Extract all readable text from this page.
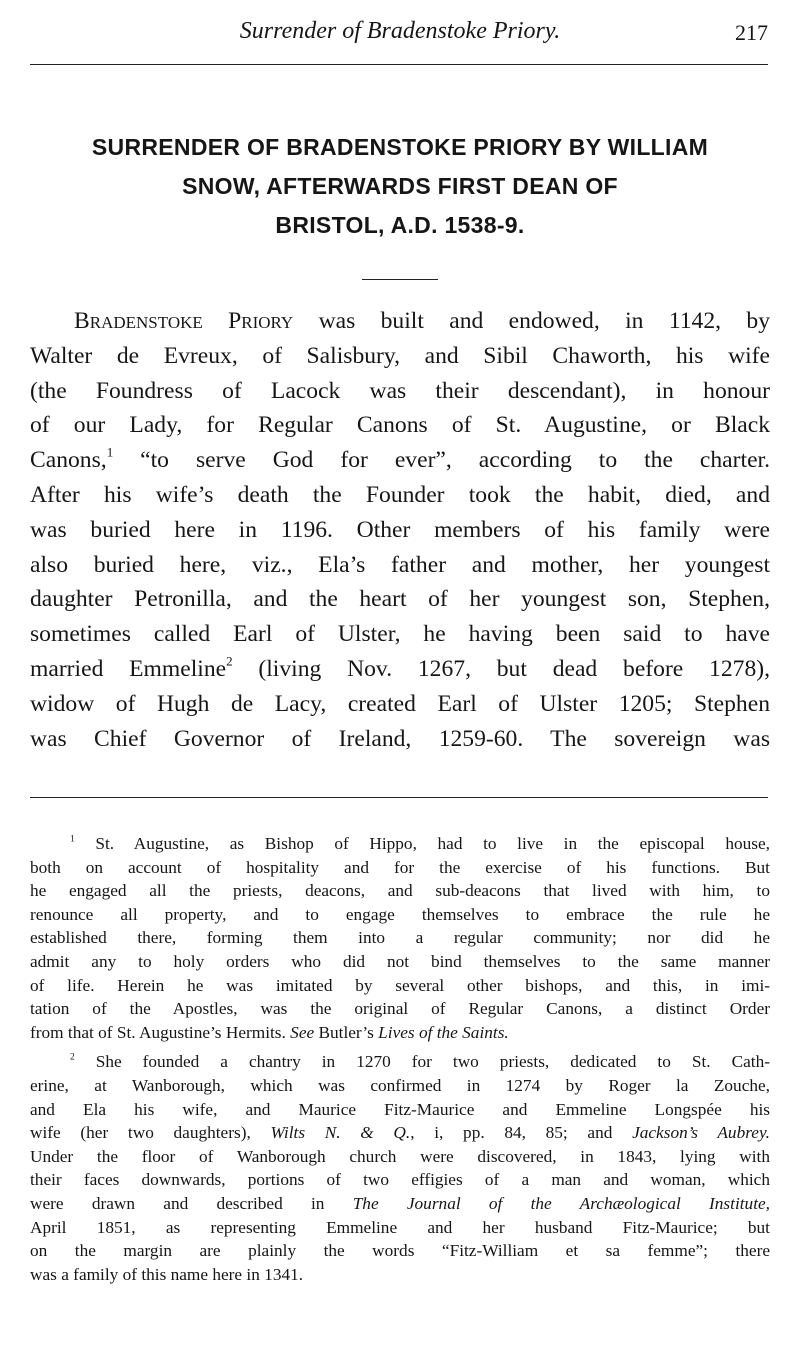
Surrender of Bradenstoke Priory.	217
SURRENDER OF BRADENSTOKE PRIORY BY WILLIAM
SNOW, AFTERWARDS FIRST DEAN OF
BRISTOL, A.D. 1538-9.
Bradenstoke Priory was built and endowed, in 1142, by
Walter de Evreux, of Salisbury, and Sibil Chaworth, his wife
(the Foundress of Lacock was their descendant), in honour
of our Lady, for Regular Canons of St. Augustine, or Black
Canons,$^1$ “to serve God for ever”, according to the charter.
After his wife’s death the Founder took the habit, died, and
was buried here in 1196. Other members of his family were
also buried here, viz., Ela’s father and mother, her youngest
daughter Petronilla, and the heart of her youngest son, Stephen,
sometimes called Earl of Ulster, he having been said to have
married Emmeline$^2$ (living Nov. 1267, but dead before 1278),
widow of Hugh de Lacy, created Earl of Ulster 1205; Stephen
was Chief Governor of Ireland, 1259-60. The sovereign was
$^1$ St. Augustine, as Bishop of Hippo, had to live in the episcopal house,
both on account of hospitality and for the exercise of his functions. But
he engaged all the priests, deacons, and sub-deacons that lived with him, to
renounce all property, and to engage themselves to embrace the rule he
established there, forming them into a regular community; nor did he
admit any to holy orders who did not bind themselves to the same manner
of life. Herein he was imitated by several other bishops, and this, in imi-
tation of the Apostles, was the original of Regular Canons, a distinct Order
from that of St. Augustine’s Hermits. See Butler’s Lives of the Saints.
$^2$ She founded a chantry in 1270 for two priests, dedicated to St. Cath-
erine, at Wanborough, which was confirmed in 1274 by Roger la Zouche,
and Ela his wife, and Maurice Fitz-Maurice and Emmeline Longspée his
wife (her two daughters), Wilts N. & Q., i, pp. 84, 85; and Jackson’s Aubrey.
Under the floor of Wanborough church were discovered, in 1843, lying with
their faces downwards, portions of two effigies of a man and woman, which
were drawn and described in The Journal of the Archæological Institute,
April 1851, as representing Emmeline and her husband Fitz-Maurice; but
on the margin are plainly the words “Fitz-William et sa femme”; there
was a family of this name here in 1341.
